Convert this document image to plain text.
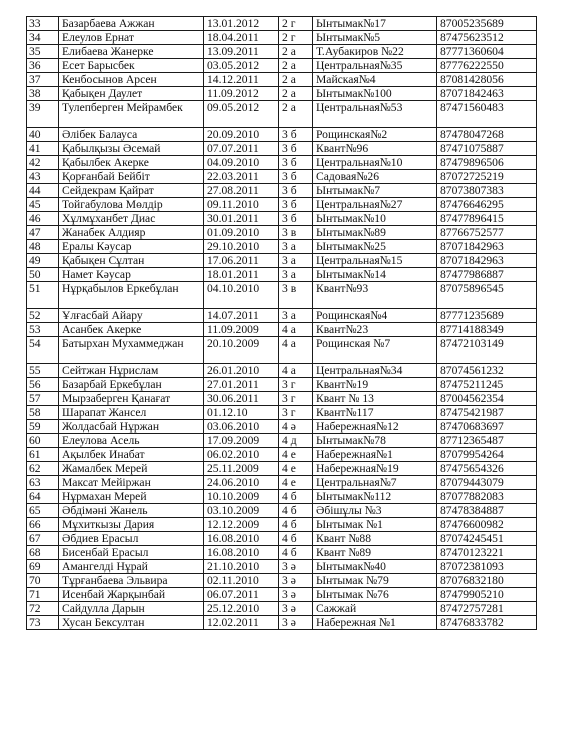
33	Базарбаева Ажжан	13.01.2012	2 г	Ынтымак№17	87005235689
34	Елеулов Ернат	18.04.2011	2 г	Ынтымак№5	87475623512
35	Елибаева Жанерке	13.09.2011	2 а	Т.Аубакиров №22	87771360604
36	Есет Барысбек	03.05.2012	2 а	Центральная№35	87776222550
37	Кенбосынов Арсен	14.12.2011	2 а	Майская№4	87081428056
38	Қабықен Даулет	11.09.2012	2 а	Ынтымак№100	87071842463
39	Тулепберген Мейрамбек	09.05.2012	2 а	Центральная№53	87471560483
40	Әлібек Балауса	20.09.2010	3 б	Рощинская№2	87478047268
41	Қабылқызы Әсемай	07.07.2011	3 б	Квант№96	87471075887
42	Қабылбек Акерке	04.09.2010	3 б	Центральная№10	87479896506
43	Қорғанбай Бейбіт	22.03.2011	3 б	Садовая№26	87072725219
44	Сейдекрам Қайрат	27.08.2011	3 б	Ынтымак№7	87073807383
45	Тойгабулова Мөлдір	09.11.2010	3 б	Центральная№27	87476646295
46	Хұлмұханбет Диас	30.01.2011	3 б	Ынтымак№10	87477896415
47	Жанабек Алдияр	01.09.2010	3 в	Ынтымак№89	87766752577
48	Ералы Кәусар	29.10.2010	3 а	Ынтымак№25	87071842963
49	Қабықен Сұлтан	17.06.2011	3 а	Центральная№15	87071842963
50	Намет Кәусар	18.01.2011	3 а	Ынтымак№14	87477986887
51	Нұрқабылов Еркебұлан	04.10.2010	3 в	Квант№93	87075896545
52	Ұлғасбай Айару	14.07.2011	3 а	Рощинская№4	87771235689
53	Асанбек Акерке	11.09.2009	4 а	Квант№23	87714188349
54	Батырхан Мухаммеджан	20.10.2009	4 а	Рощинская №7	87472103149
55	Сейтжан Нұрислам	26.01.2010	4 а	Центральная№34	87074561232
56	Базарбай Еркебұлан	27.01.2011	3 г	Квант№19	87475211245
57	Мырзаберген Қанағат	30.06.2011	3 г	Квант № 13	87004562354
58	Шарапат Жансел	01.12.10	3 г	Квант№117	87475421987
59	Жолдасбай Нұржан	03.06.2010	4 ә	Набережная№12	87470683697
60	Елеулова Асель	17.09.2009	4 д	Ынтымак№78	87712365487
61	Ақылбек Инабат	06.02.2010	4 е	Набережная№1	87079954264
62	Жамалбек Мерей	25.11.2009	4 е	Набережная№19	87475654326
63	Максат Мейіржан	24.06.2010	4 е	Центральная№7	87079443079
64	Нұрмахан Мерей	10.10.2009	4 б	Ынтымак№112	87077882083
65	Әбдімәні Жанель	03.10.2009	4 б	Әбішұлы №3	87478384887
66	Мұхиткызы Дария	12.12.2009	4 б	Ынтымак №1	87476600982
67	Әбдиев Ерасыл	16.08.2010	4 б	Квант №88	87074245451
68	Бисенбай Ерасыл	16.08.2010	4 б	Квант №89	87470123221
69	Амангелді Нұрай	21.10.2010	3 ә	Ынтымак№40	87072381093
70	Тұрғанбаева Эльвира	02.11.2010	3 ә	Ынтымак №79	87076832180
71	Исенбай Жарқынбай	06.07.2011	3 ә	Ынтымак №76	87479905210
72	Сайдулла Дарын	25.12.2010	3 ә	Сажжай	87472757281
73	Хусан Бексултан	12.02.2011	3 ә	Набережная №1	87476833782
